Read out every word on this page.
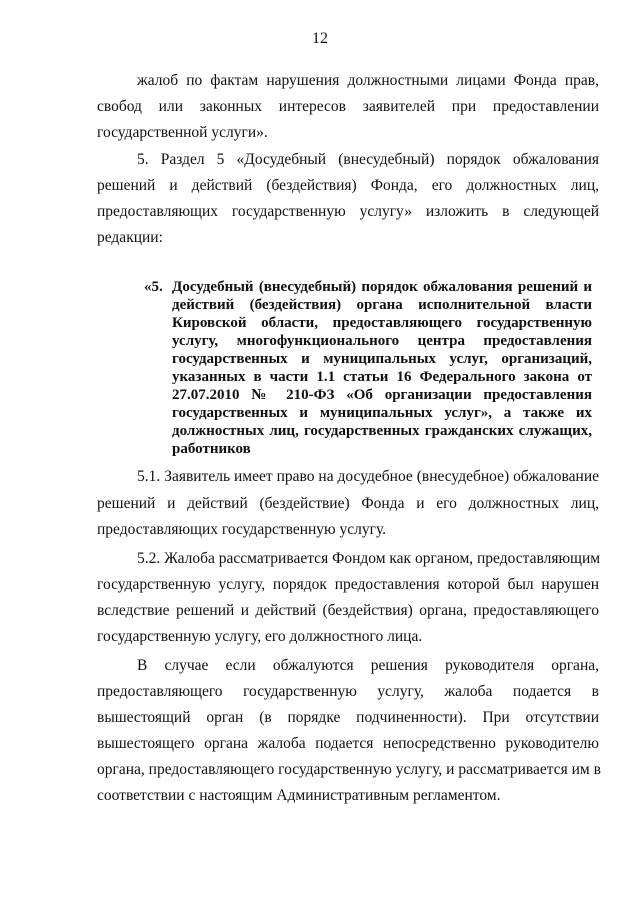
12
жалоб по фактам нарушения должностными лицами Фонда прав,
свобод или законных интересов заявителей при предоставлении
государственной услуги».
5. Раздел 5 «Досудебный (внесудебный) порядок обжалования
решений и действий (бездействия) Фонда, его должностных лиц,
предоставляющих государственную услугу» изложить в следующей
редакции:
«5. Досудебный (внесудебный) порядок обжалования решений и
действий (бездействия) органа исполнительной власти
Кировской области, предоставляющего государственную
услугу, многофункционального центра предоставления
государственных и муниципальных услуг, организаций,
указанных в части 1.1 статьи 16 Федерального закона от
27.07.2010 № 210-ФЗ «Об организации предоставления
государственных и муниципальных услуг», а также их
должностных лиц, государственных гражданских служащих,
работников
5.1. Заявитель имеет право на досудебное (внесудебное) обжалование
решений и действий (бездействие) Фонда и его должностных лиц,
предоставляющих государственную услугу.
5.2. Жалоба рассматривается Фондом как органом, предоставляющим
государственную услугу, порядок предоставления которой был нарушен
вследствие решений и действий (бездействия) органа, предоставляющего
государственную услугу, его должностного лица.
В случае если обжалуются решения руководителя органа,
предоставляющего государственную услугу, жалоба подается в
вышестоящий орган (в порядке подчиненности). При отсутствии
вышестоящего органа жалоба подается непосредственно руководителю
органа, предоставляющего государственную услугу, и рассматривается им в
соответствии с настоящим Административным регламентом.
